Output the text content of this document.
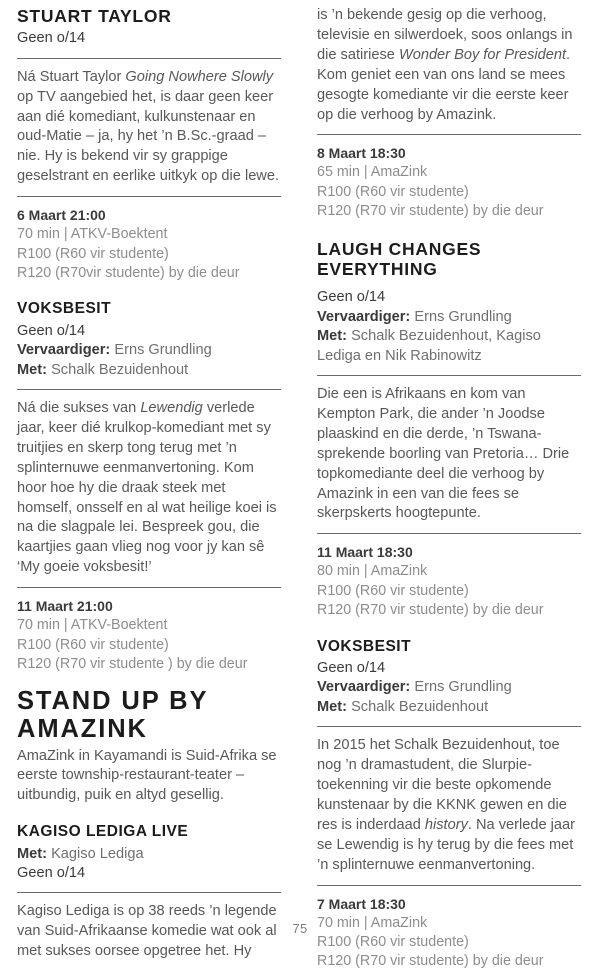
STUART TAYLOR
Geen o/14

Ná Stuart Taylor Going Nowhere Slowly op TV aangebied het, is daar geen keer aan dié komediant, kulkunstenaar en oud-Matie – ja, hy het ’n B.Sc.-graad – nie. Hy is bekend vir sy grappige geselstrant en eerlike uitkyk op die lewe.

6 Maart 21:00
70 min | ATKV-Boektent
R100 (R60 vir studente)
R120 (R70vir studente) by die deur
VOKSBESIT
Geen o/14
Vervaardiger: Erns Grundling
Met: Schalk Bezuidenhout

Ná die sukses van Lewendig verlede jaar, keer dié krulkop-komediant met sy truitjies en skerp tong terug met ’n splinternuwe eenmanvertoning. Kom hoor hoe hy die draak steek met homself, onsself en al wat heilige koei is na die slagpale lei. Bespreek gou, die kaartjies gaan vlieg nog voor jy kan sê ‘My goeie voksbesit!’

11 Maart 21:00
70 min | ATKV-Boektent
R100 (R60 vir studente)
R120 (R70 vir studente ) by die deur
STAND UP BY AMAZINK

AmaZink in Kayamandi is Suid-Afrika se eerste township-restaurant-teater – uitbundig, puik en altyd gesellig.

KAGISO LEDIGA LIVE
Met: Kagiso Lediga
Geen o/14

Kagiso Lediga is op 38 reeds ’n legende van Suid-Afrikaanse komedie wat ook al met sukses oorsee opgetree het. Hy

is ’n bekende gesig op die verhoog, televisie en silwerdoek, soos onlangs in die satiriese Wonder Boy for President. Kom geniet een van ons land se mees gesogte komediante vir die eerste keer op die verhoog by Amazink.

8 Maart 18:30
65 min | AmaZink
R100 (R60 vir studente)
R120 (R70 vir studente) by die deur
LAUGH CHANGES EVERYTHING
Geen o/14
Vervaardiger: Erns Grundling
Met: Schalk Bezuidenhout, Kagiso Lediga en Nik Rabinowitz

Die een is Afrikaans en kom van Kempton Park, die ander ’n Joodse plaaskind en die derde, ’n Tswana-sprekende boorling van Pretoria… Drie topkomediante deel die verhoog by Amazink in een van die fees se skerpskerts hoogtepunte.

11 Maart 18:30
80 min | AmaZink
R100 (R60 vir studente)
R120 (R70 vir studente) by die deur
VOKSBESIT
Geen o/14
Vervaardiger: Erns Grundling
Met: Schalk Bezuidenhout

In 2015 het Schalk Bezuidenhout, toe nog ’n dramastudent, die Slurpie-toekenning vir die beste opkomende kunstenaar by die KKNK gewen en die res is inderdaad history. Na verlede jaar se Lewendig is hy terug by die fees met ’n splinternuwe eenmanvertoning.

7 Maart 18:30
70 min | AmaZink
R100 (R60 vir studente)
R120 (R70 vir studente) by die deur
75
